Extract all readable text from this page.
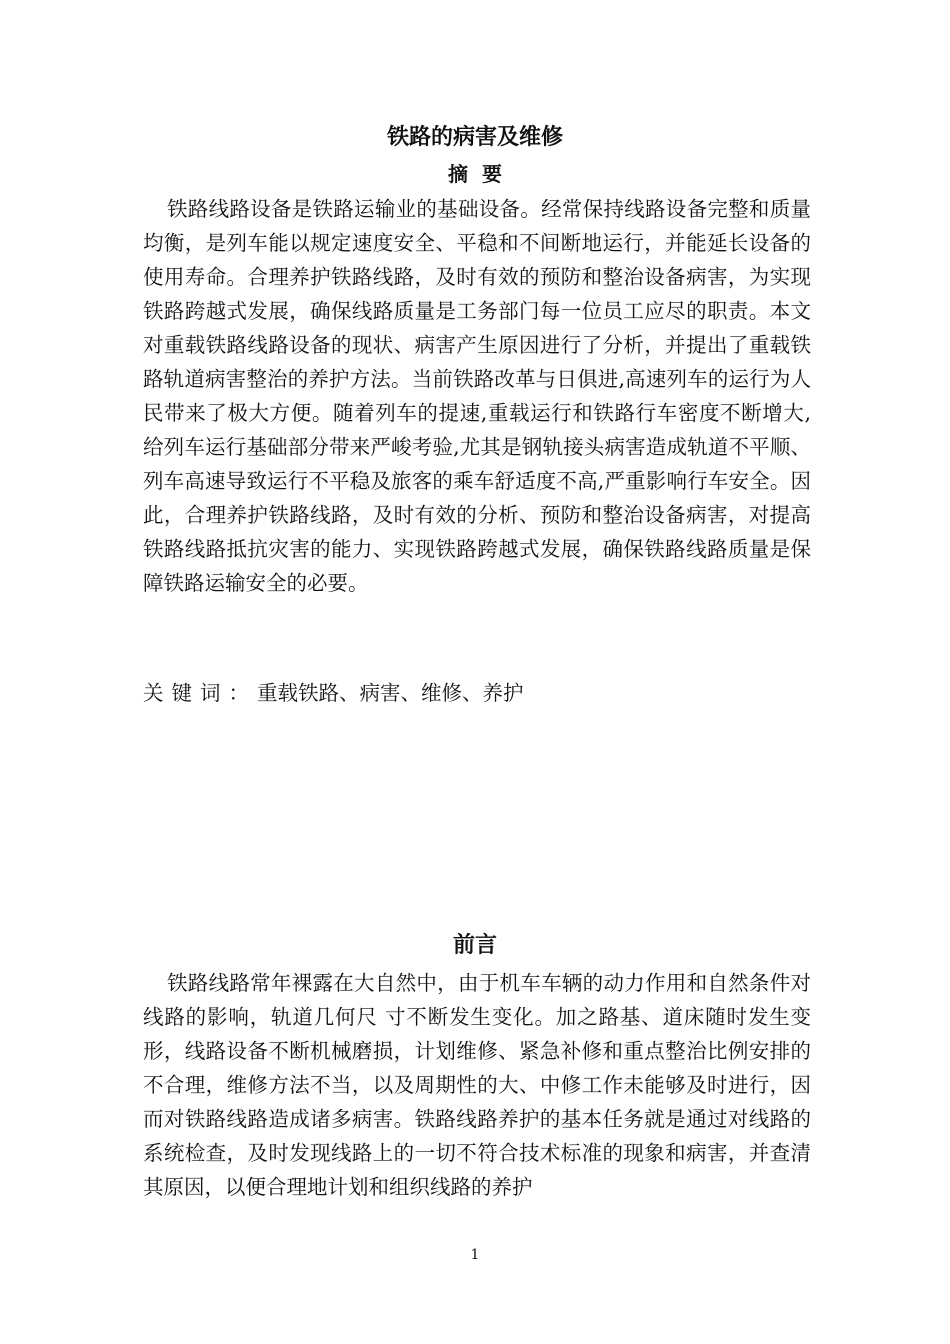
铁路的病害及维修
摘要

铁路线路设备是铁路运输业的基础设备。经常保持线路设备完整和质量均衡，是列车能以规定速度安全、平稳和不间断地运行，并能延长设备的使用寿命。合理养护铁路线路，及时有效的预防和整治设备病害，为实现铁路跨越式发展，确保线路质量是工务部门每一位员工应尽的职责。本文对重载铁路线路设备的现状、病害产生原因进行了分析，并提出了重载铁路轨道病害整治的养护方法。当前铁路改革与日俱进,高速列车的运行为人民带来了极大方便。随着列车的提速,重载运行和铁路行车密度不断增大,给列车运行基础部分带来严峻考验,尤其是钢轨接头病害造成轨道不平顺、列车高速导致运行不平稳及旅客的乘车舒适度不高,严重影响行车安全。因此，合理养护铁路线路，及时有效的分析、预防和整治设备病害，对提高铁路线路抵抗灾害的能力、实现铁路跨越式发展，确保铁路线路质量是保障铁路运输安全的必要。

关键词：重载铁路、病害、维修、养护

前言

铁路线路常年裸露在大自然中，由于机车车辆的动力作用和自然条件对线路的影响，轨道几何尺 寸不断发生变化。加之路基、道床随时发生变形，线路设备不断机械磨损，计划维修、紧急补修和重点整治比例安排的不合理，维修方法不当，以及周期性的大、中修工作未能够及时进行，因而对铁路线路造成诸多病害。铁路线路养护的基本任务就是通过对线路的系统检查，及时发现线路上的一切不符合技术标准的现象和病害，并查清其原因，以便合理地计划和组织线路的养护

1
